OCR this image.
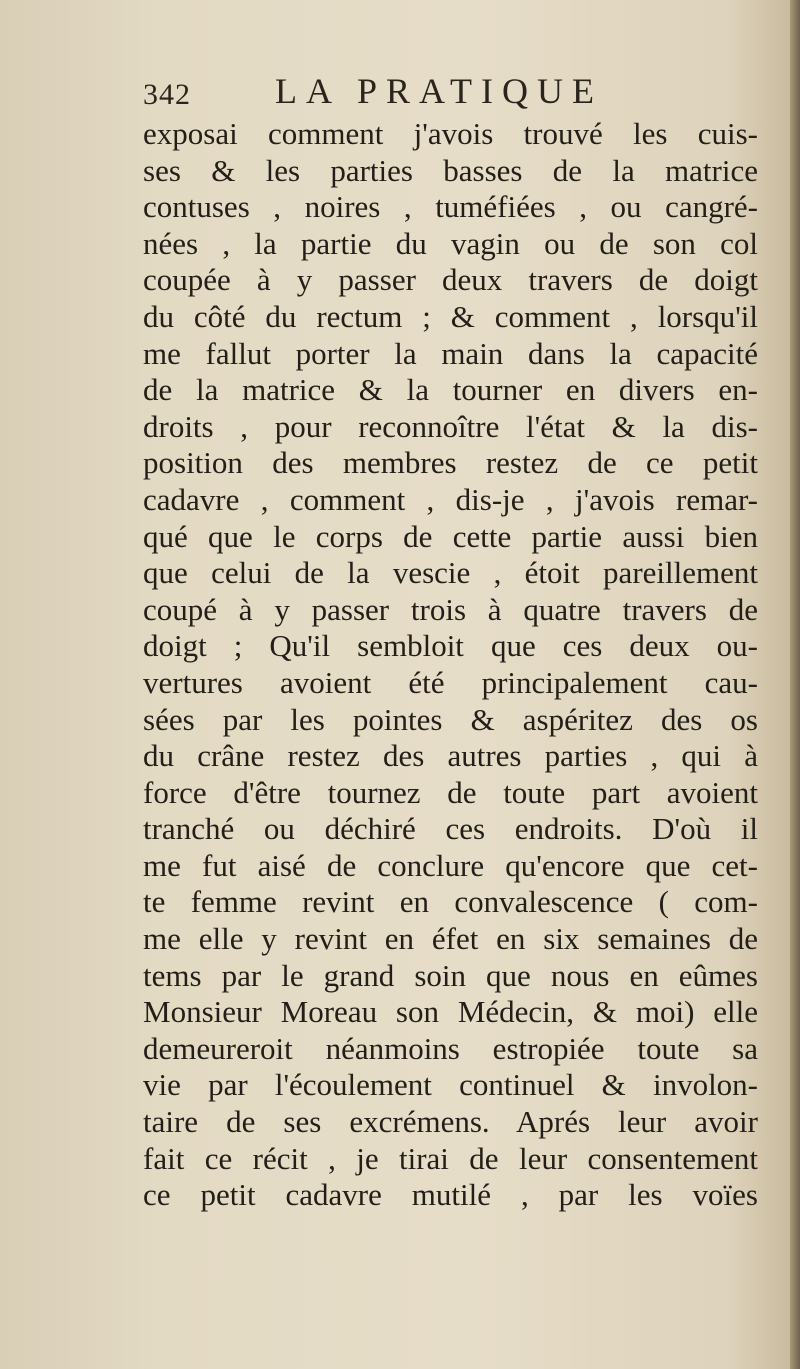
342 LA PRATIQUE
exposai comment j'avois trouvé les cuis-
ses & les parties basses de la matrice
contuses , noires , tuméfiées , ou cangré-
nées , la partie du vagin ou de son col
coupée à y passer deux travers de doigt
du côté du rectum ; & comment , lorsqu'il
me fallut porter la main dans la capacité
de la matrice & la tourner en divers en-
droits , pour reconnoître l'état & la dis-
position des membres restez de ce petit
cadavre , comment , dis-je , j'avois remar-
qué que le corps de cette partie aussi bien
que celui de la vescie , étoit pareillement
coupé à y passer trois à quatre travers de
doigt ; Qu'il sembloit que ces deux ou-
vertures avoient été principalement cau-
sées par les pointes & aspéritez des os
du crâne restez des autres parties , qui à
force d'être tournez de toute part avoient
tranché ou déchiré ces endroits. D'où il
me fut aisé de conclure qu'encore que cet-
te femme revint en convalescence ( com-
me elle y revint en éfet en six semaines de
tems par le grand soin que nous en eûmes
Monsieur Moreau son Médecin, & moi) elle
demeureroit néanmoins estropiée toute sa
vie par l'écoulement continuel & involon-
taire de ses excrémens. Aprés leur avoir
fait ce récit , je tirai de leur consentement
ce petit cadavre mutilé , par les voïes
